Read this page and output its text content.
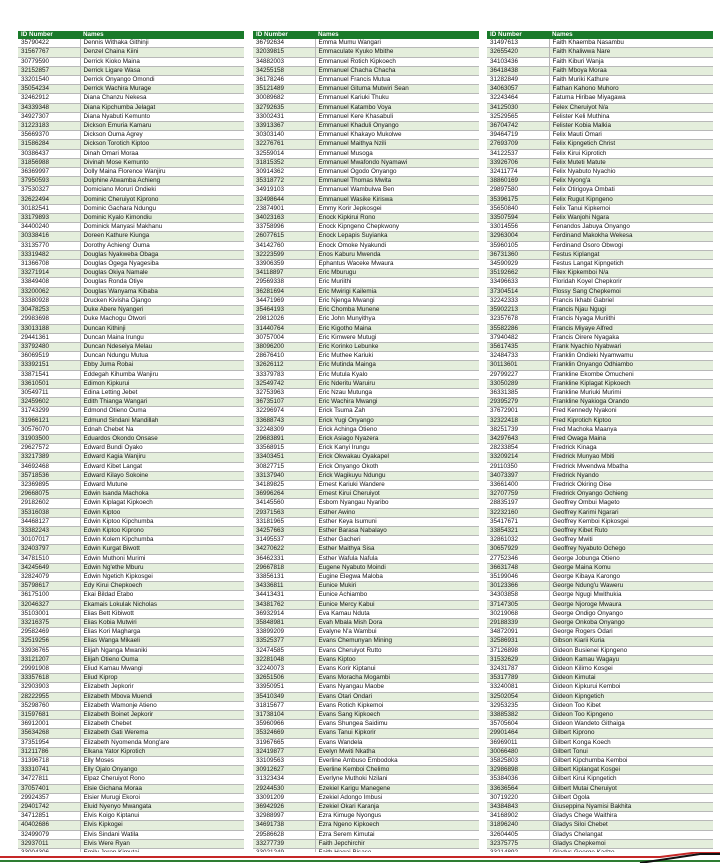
ID Number	Names
35790422	Dennis Withaka Githinji
31567767	Denzel Chaina Kiini
30779590	Derrick Kioko Maina
32152857	Derrick Ligare Wasa
33201540	Derrick Onyango Omondi
35054234	Derrick Wachira Murage
32462912	Diana Chanzu Nekesa
34339348	Diana Kipchumba Jelagat
34927307	Diana Nyabuti Kemunto
31223183	Dickson Emuria Kamaru
35669370	Dickson Ouma Agrey
31586284	Dickson Torotich Kiptoo
30386437	Dinah Omari Moraa
31856988	Divinah Mose Kemunto
36369997	Dolly Maina Florence Wanjiru
37950593	Dolphine Atwamba Achieng
37530327	Domiciano Moruri Ondieki
32622494	Dominic Cheruiyot Kiprono
30182541	Dominic Gachara Ndungu
33179893	Dominic Kyalo Kimondiu
34400240	Dominick Manyasi Makhanu
30338416	Doreen Kathure Kiunga
33135770	Dorothy Achieng' Ouma
33319482	Douglas Nyakweba Obaga
31366708	Douglas Ogega Nyagesiba
33271914	Douglas Okiya Namale
33849408	Douglas Ronda Otiye
33200062	Douglas Wanyama Kibaba
33380928	Drucken Kivisha Ojango
30478253	Duke Abere Nyangeri
29983698	Duke Machogu Otwori
33013188	Duncan Kithinji
29441361	Duncan Maina Irungu
33792480	Duncan Ndeseiya Melau
36069519	Duncan Ndungu Mutua
33392151	Ebby Juma Robai
33871541	Eddegah Kihumba Wanjiru
33610501	Edimon Kipkurui
30549711	Edina Letting Jebet
32459602	Edith Thianga Wangari
31743299	Edmond Otieno Ouma
31966121	Edmund Sindani Mandillah
30576070	Ednah Chebet Na
31903500	Eduardos Okondo Onsase
29627572	Edward Bundi Oyako
33217389	Edward Kagia Wanjiru
34692468	Edward Kibet Langat
35718536	Edward Kilayo Sokoine
32369895	Edward Mutune
29668075	Edwin Isanda Machoka
29182602	Edwin Kiplagat Kipkoech
35316038	Edwin Kiptoo
34468127	Edwin Kiptoo Kipchumba
33382243	Edwin Kiptoo Kiprono
30107017	Edwin Kolem Kipchumba
32403797	Edwin Kurgat Biwott
34781510	Edwin Muthoni Murimi
34245649	Edwin Ng'ethe Mburu
32824079	Edwin Ngetich Kipkosgei
35798617	Edy Kirui Chepkoech
36175100	Ekai Bildad Etabo
32046327	Ekamais Lokulak Nicholas
35103001	Elias Bett Kibiwott
33216375	Elias Kobia Mutwiri
29582469	Elias Kori Magharga
32519256	Elias Wanga Mikaeli
33936765	Elijah Nganga Mwaniki
33121207	Elijah Otieno Ouma
29991908	Eliud Kamau Mwangi
33357618	Eliud Kiprop
32903903	Elizabeth Jepkorir
28222955	Elizabeth Mbova Muendi
35298760	Elizabeth Wamonje Atieno
31597681	Elizabeth Boinet Jepkorir
36912001	Elizabeth Chebet
35634268	Elizabeth Gati Werema
37351954	Elizabeth Nyomenda Mong'are
31211786	Elkana Yator Kiprotich
31396718	Elly Moses
33310741	Elly Ojalo Onyango
34727811	Elpaz Cheruiyot Rono
37057401	Elsie Gichana Moraa
29924357	Elsier Murugi Ekoroi
29401742	Eluid Nyenyo Mwangata
34712851	Elvis Koigo Kiptanui
40402686	Elvis Kipkogei
32499079	Elvis Sindani Watila
32937011	Elvis Were Ryan

ID Number	Names
36792634	Emma Mumu Wangari
32039815	Emmaculate Kyuko Mbithe
34882003	Emmanuel Rotich Kipkoech
34255158	Emmanuel Chacha Chacha
36178246	Emmanuel Francis Mutua
35121489	Emmanuel Gituma Mutwiri Sean
30089682	Emmanuel Kariuki Thuku
32792635	Emmanuel Katambo Voya
33002431	Emmanuel Kere Khasabuli
33913367	Emmanuel Khaduli Onyango
30303140	Emmanuel Khakayo Mukolwe
32276761	Emmanuel Maithya Nzili
32559014	Emmanuel Musoga
31815352	Emmanuel Mwafondo Nyamawi
30914362	Emmanuel Ogodo Onyango
35318772	Emmanuel Thomas Mwita
34919103	Emmanuel Wambulwa Ben
32498644	Emmanuel Wasike Kiriswa
23874901	Emmy Korir Jepkosgei
34023163	Enock Kipkirui Rono
33758996	Enock Kipngeno Chepkwony
26077615	Enock Lepapis Suyianka
34142760	Enock Omoke Nyakundi
32223599	Enos Kaburu Mwenda
33906359	Ephantus Waceke Mwaura
34118897	Eric Mburugu
29569338	Eric Muriithi
36281694	Eric Mwirigi Kailemia
34471969	Eric Njenga Mwangi
35464193	Eric Chomba Munene
29812026	Eric John Munyithya
31440764	Eric Kigotho Maina
30757004	Eric Kimwere Mutugi
38096200	Eric Korinko Lebunke
28676410	Eric Muthee Kariuki
32626112	Eric Mutinda Mainga
33379783	Eric Mutula Kyalo
32549742	Eric Nderitu Waruiru
32753963	Eric Nzau Mutunga
36735107	Eric Wachira Mwangi
32296974	Erick Tsuma Zah
33688743	Erick Yugi Onyango
32248309	Erick Achinga Otieno
29683891	Erick Asiago Nyazera
33568915	Erick Kanyi Irungu
33403451	Erick Okwakau Oyakapel
30827715	Erick Onyango Okoth
33137940	Erick Wagikuyu Ndungu
34189825	Ernest Kariuki Wandere
36996264	Ernest Kirui Cheruiyot
34145560	Esbom Nyangau Nyaribo
29371563	Esther Awino
33181965	Esther Keya Isumuni
34257663	Esther Barasa Nabalayo
31495537	Esther Gacheri
34270622	Esther Maithya Sisa
36462331	Esther Wafula Nafula
29667818	Eugene Nyabuto Moindi
33856131	Eugine Elegwa Maloba
34336811	Eunice Mukiri
34413431	Eunice Achiambo
34381762	Eunice Mercy Kabui
36932914	Eva Kamau Nduta
35848981	Evah Mbala Mish Dora
33899209	Evalyne N'a Wambui
33525377	Evans Chemunyan Mining
32474585	Evans Cheruiyot Rutto
32281048	Evans Kiptoo
32240073	Evans Korir Kiptanui
32651506	Evans Moracha Mogambi
33950951	Evans Nyangau Maobe
35410349	Evans Otari Ondari
31815677	Evans Rotich Kipkemoi
31738104	Evans Sang Kipkoech
35960966	Evans Shungea Saidimu
35324669	Evans Tanui Kipkorir
31967665	Evans Wandela
32419877	Evelyn Mwiti Nkatha
33109563	Everline Ambuso Embodoka
30912627	Everline Kemboi Chelimo
31323434	Everlyne Muthoki Nzilani
29244530	Ezekiel Karigu Manegene
33091209	Ezekiel Adongo Imbusi
36942926	Ezekiel Okari Karanja
32988997	Ezra Kimuge Nyongus
34691738	Ezra Ngeno Kipkoech
29586628	Ezra Serem Kimutai
33277739	Faith Jepchirchir

ID Number	Names
31497613	Faith Khaemba Nasambu
32655420	Faith Khaliwwa Nare
34103436	Faith Kiburi Wanja
36418438	Faith Mboya Moraa
31282849	Faith Muriki Kathure
34063057	Fathan Kahono Muhoro
32243464	Fatuma Hiribae Miyagawa
34125030	Felex Cheruiyot N/a
32529565	Felister Keli Muthina
36704742	Felister Kobia Malkia
39464719	Felix Mauti Omari
27693709	Felix Kipngetich Christ
34122537	Felix Kirui Kiprotich
33926706	Felix Muteti Matute
32411774	Felix Nyabuto Nyachio
38860169	Felix Nyong'a
29897580	Felix Otirigoya Ombati
35396175	Felix Rugut Kipngeno
35650840	Felix Tanui Kipkemoi
33507594	Felix Wanjohi Ngara
33014556	Fenandos Jabuya Onyango
32963004	Ferdinand Makokha Wekesa
35960105	Ferdinand Osoro Obwogi
36731360	Festus Kiplangat
34590929	Festus Langat Kipngetich
35192662	Filex Kipkemboi N/a
33496633	Floridah Koyel Chepkorir
37304514	Flossy Sang Chepkemoi
32242333	Francis Ikhabi Gabriel
35902213	Francis Njau Ngugi
32357678	Francis Nyaga Muriithi
35582286	Francis Miyaye Alfred
37940482	Francis Oirere Nyagaka
35617435	Frank Nyachio Nyabwari
32484733	Franklin Ondieki Nyamwamu
30113601	Franklin Onyango Odhiambo
29799227	Frankline Ekombe Omucheni
33050289	Frankline Kiplagat Kipkoech
36331385	Frankline Muriuki Murimi
29395279	Frankline Nyakioga Orando
37672901	Fred Kennedy Nyakoni
32322418	Fred Kiprotich Kiptoo
38251739	Fred Machoka Maanya
34297643	Fred Owaga Maina
28233854	Fredrick Kinaga
33209214	Fredrick Munyao Mbiti
29110350	Fredrick Mwendwa Mbatha
34073397	Fredrick Nyando
33661400	Fredrick Okiring Oise
32707759	Fredrick Onyango Ochieng
28835197	Geoffrey Ombui Mageto
32232160	Geoffrey Karimi Ngarari
35417671	Geoffrey Kemboi Kipkosgei
33854321	Geoffrey Kibet Ruto
32861032	Geoffrey Mwiti
30657929	Geoffrey Nyabuto Ochego
27752346	George Jobunga Otieno
36631748	George Maina Komu
35199046	George Kibaya Karongo
30123366	George Ndung'u Waweru
34303858	George Ngugi Mwithukia
37147305	George Njoroge Mwaura
30219068	George Ondigo Onyango
29188339	George Onkoba Onyango
34872091	George Rogers Odari
32586931	Gibson Kiarii Kuria
37126898	Gideon Busienei Kipngeno
31532629	Gideon Kamau Wagayu
32431787	Gideon Kilimo Kosgei
35317789	Gideon Kimutai
33240081	Gideon Kipkurui Kemboi
32502054	Gideon Kipngetich
32953235	Gideon Too Kibet
33885382	Gideon Too Kipngeno
35705604	Gideon Wandeto Githaiga
29901464	Gilbert Kiprono
36969011	Gilbert Konga Koech
30066480	Gilbert Tonui
35825803	Gilbert Kipchumba Kemboi
32986898	Gilbert Kiplangat Kosgei
35384036	Gilbert Kirui Kipngetich
33636564	Gilbert Mutai Cheruiyot
30719220	Gilbert Ogola
34384843	Giuseppina Nyamisi Bakhita
34168902	Gladys Chege Waithira
31896240	Gladys Siloi Chebet
32604405	Gladys Chelangat
32375775	Gladys Chepkemoi
